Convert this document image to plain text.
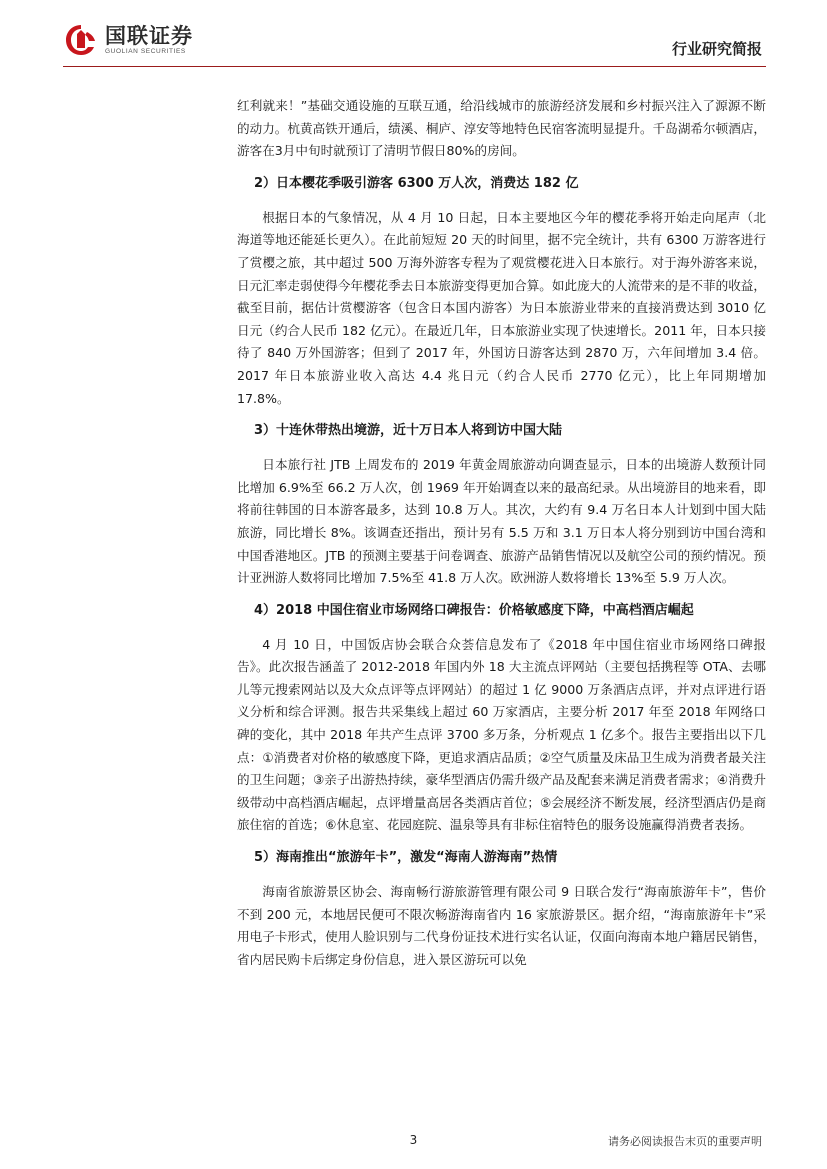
国联证券
GUOLIAN SECURITIES	行业研究简报

红利就来！”基础交通设施的互联互通，给沿线城市的旅游经济发展和乡村振兴注入了源源不断的动力。杭黄高铁开通后，绩溪、桐庐、淳安等地特色民宿客流明显提升。千岛湖希尔顿酒店，游客在3月中旬时就预订了清明节假日80%的房间。

2）日本樱花季吸引游客 6300 万人次，消费达 182 亿

根据日本的气象情况，从 4 月 10 日起，日本主要地区今年的樱花季将开始走向尾声（北海道等地还能延长更久）。在此前短短 20 天的时间里，据不完全统计，共有 6300 万游客进行了赏樱之旅，其中超过 500 万海外游客专程为了观赏樱花进入日本旅行。对于海外游客来说，日元汇率走弱使得今年樱花季去日本旅游变得更加合算。如此庞大的人流带来的是不菲的收益，截至目前，据估计赏樱游客（包含日本国内游客）为日本旅游业带来的直接消费达到 3010 亿日元（约合人民币 182 亿元）。在最近几年，日本旅游业实现了快速增长。2011 年，日本只接待了 840 万外国游客；但到了 2017 年，外国访日游客达到 2870 万，六年间增加 3.4 倍。2017 年日本旅游业收入高达 4.4 兆日元（约合人民币 2770 亿元），比上年同期增加 17.8%。

3）十连休带热出境游，近十万日本人将到访中国大陆

日本旅行社 JTB 上周发布的 2019 年黄金周旅游动向调查显示，日本的出境游人数预计同比增加 6.9%至 66.2 万人次，创 1969 年开始调查以来的最高纪录。从出境游目的地来看，即将前往韩国的日本游客最多，达到 10.8 万人。其次，大约有 9.4 万名日本人计划到中国大陆旅游，同比增长 8%。该调查还指出，预计另有 5.5 万和 3.1 万日本人将分别到访中国台湾和中国香港地区。JTB 的预测主要基于问卷调查、旅游产品销售情况以及航空公司的预约情况。预计亚洲游人数将同比增加 7.5%至 41.8 万人次。欧洲游人数将增长 13%至 5.9 万人次。

4）2018 中国住宿业市场网络口碑报告：价格敏感度下降，中高档酒店崛起

4 月 10 日，中国饭店协会联合众荟信息发布了《2018 年中国住宿业市场网络口碑报告》。此次报告涵盖了 2012-2018 年国内外 18 大主流点评网站（主要包括携程等 OTA、去哪儿等元搜索网站以及大众点评等点评网站）的超过 1 亿 9000 万条酒店点评，并对点评进行语义分析和综合评测。报告共采集线上超过 60 万家酒店，主要分析 2017 年至 2018 年网络口碑的变化，其中 2018 年共产生点评 3700 多万条，分析观点 1 亿多个。报告主要指出以下几点：①消费者对价格的敏感度下降，更追求酒店品质；②空气质量及床品卫生成为消费者最关注的卫生问题；③亲子出游热持续，豪华型酒店仍需升级产品及配套来满足消费者需求；④消费升级带动中高档酒店崛起，点评增量高居各类酒店首位；⑤会展经济不断发展，经济型酒店仍是商旅住宿的首选；⑥休息室、花园庭院、温泉等具有非标住宿特色的服务设施赢得消费者表扬。

5）海南推出“旅游年卡”，激发“海南人游海南”热情

海南省旅游景区协会、海南畅行游旅游管理有限公司 9 日联合发行“海南旅游年卡”，售价不到 200 元，本地居民便可不限次畅游海南省内 16 家旅游景区。据介绍，“海南旅游年卡”采用电子卡形式，使用人脸识别与二代身份证技术进行实名认证，仅面向海南本地户籍居民销售，省内居民购卡后绑定身份信息，进入景区游玩可以免

3	请务必阅读报告末页的重要声明
